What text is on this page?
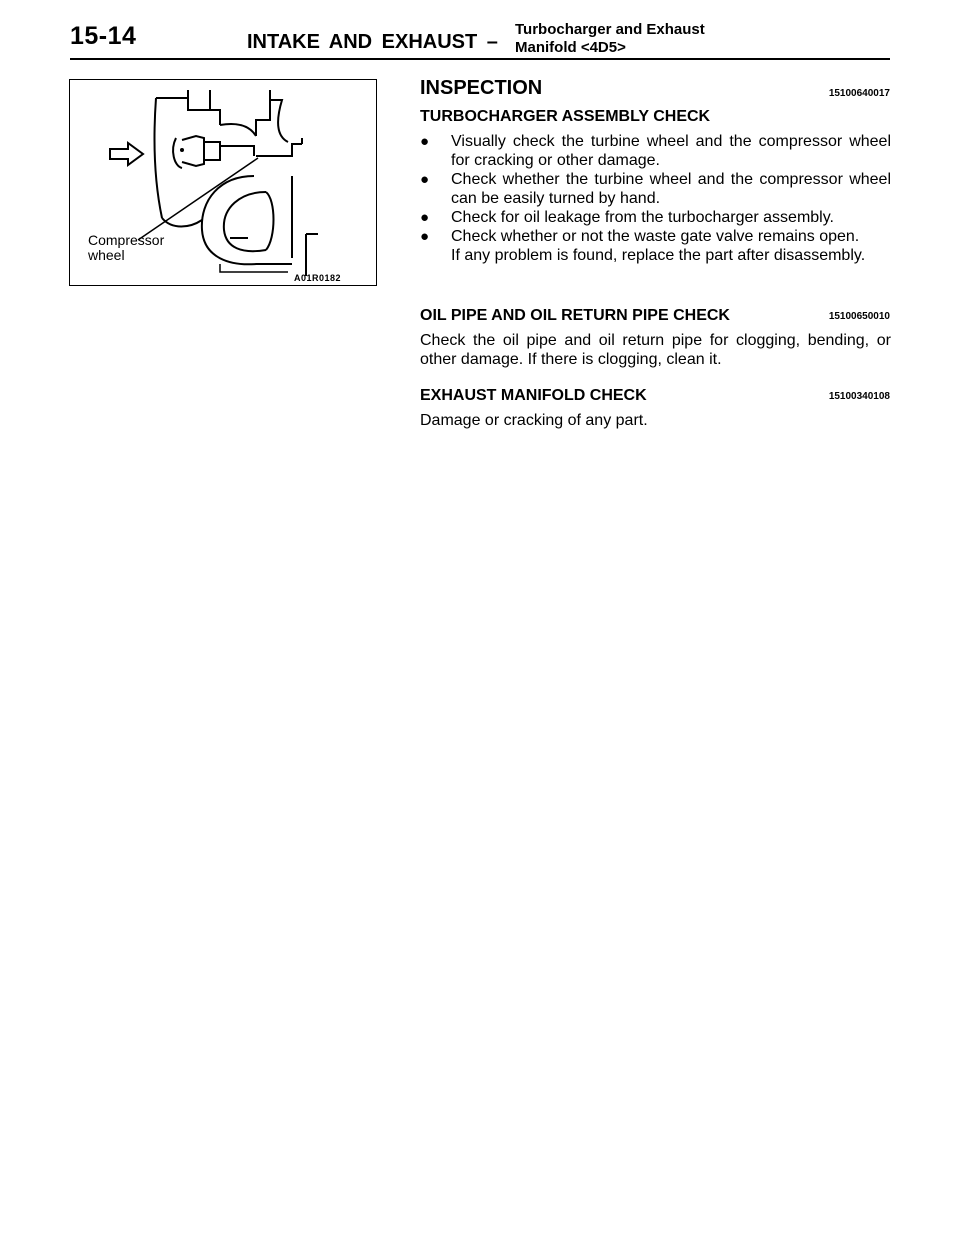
15-14	INTAKE AND EXHAUST –
Turbocharger and Exhaust
Manifold <4D5>
Compressor wheel
A01R0182
INSPECTION	15100640017
TURBOCHARGER ASSEMBLY CHECK
● Visually check the turbine wheel and the compressor wheel for cracking or other damage.
● Check whether the turbine wheel and the compressor wheel can be easily turned by hand.
● Check for oil leakage from the turbocharger assembly.
● Check whether or not the waste gate valve remains open.
If any problem is found, replace the part after disassembly.
OIL PIPE AND OIL RETURN PIPE CHECK	15100650010
Check the oil pipe and oil return pipe for clogging, bending, or other damage. If there is clogging, clean it.
EXHAUST MANIFOLD CHECK	15100340108
Damage or cracking of any part.
